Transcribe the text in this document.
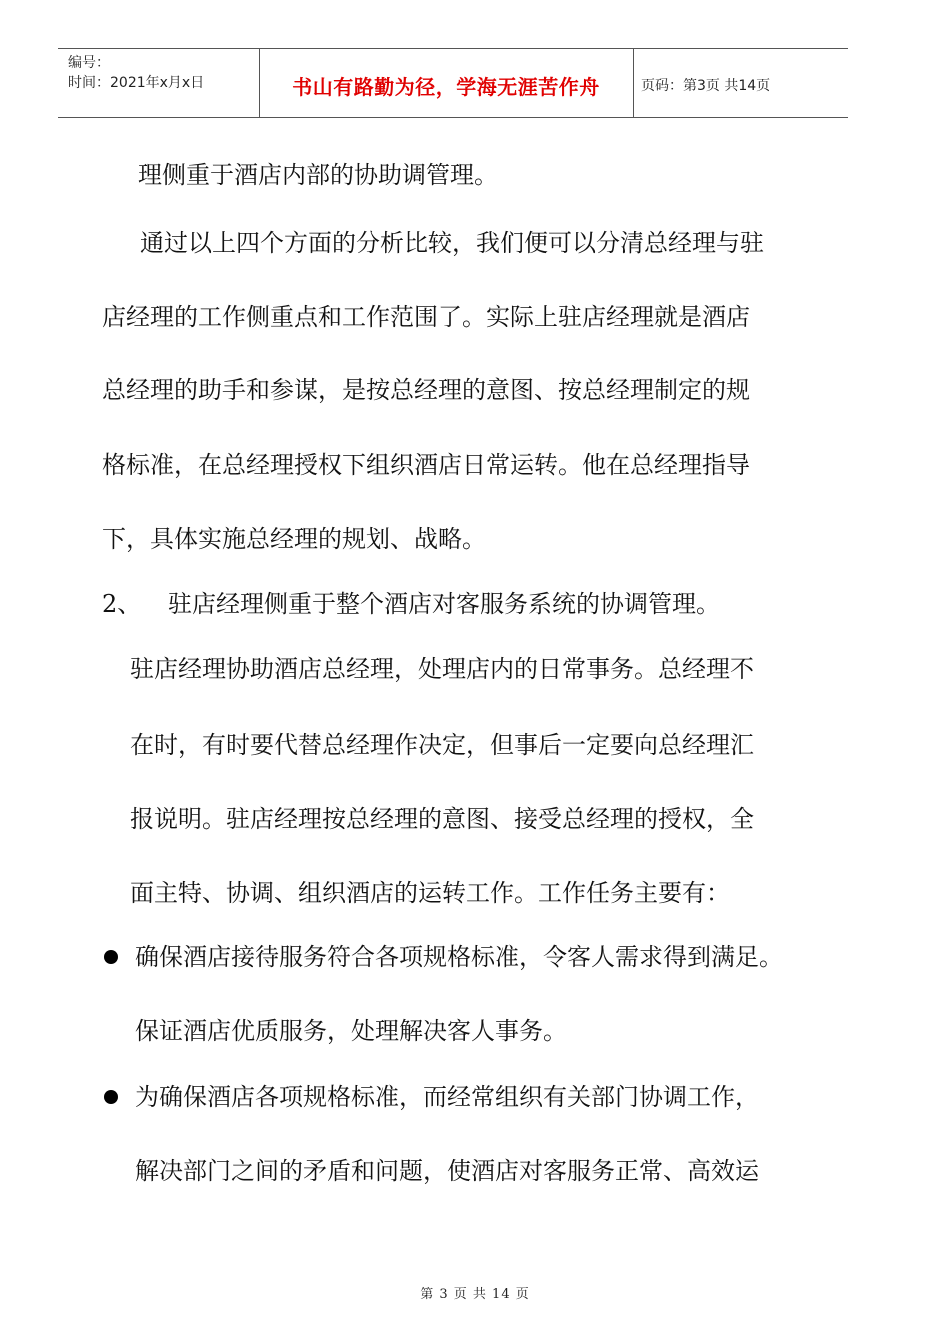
编号：
时间：2021年x月x日	书山有路勤为径，学海无涯苦作舟	页码：第3页 共14页
理侧重于酒店内部的协助调管理。
通过以上四个方面的分析比较，我们便可以分清总经理与驻
店经理的工作侧重点和工作范围了。实际上驻店经理就是酒店
总经理的助手和参谋，是按总经理的意图、按总经理制定的规
格标准，在总经理授权下组织酒店日常运转。他在总经理指导
下，具体实施总经理的规划、战略。
2、 驻店经理侧重于整个酒店对客服务系统的协调管理。
驻店经理协助酒店总经理，处理店内的日常事务。总经理不
在时，有时要代替总经理作决定，但事后一定要向总经理汇
报说明。驻店经理按总经理的意图、接受总经理的授权，全
面主特、协调、组织酒店的运转工作。工作任务主要有：
确保酒店接待服务符合各项规格标准，令客人需求得到满足。
保证酒店优质服务，处理解决客人事务。
为确保酒店各项规格标准，而经常组织有关部门协调工作，
解决部门之间的矛盾和问题，使酒店对客服务正常、高效运
第 3 页 共 14 页
